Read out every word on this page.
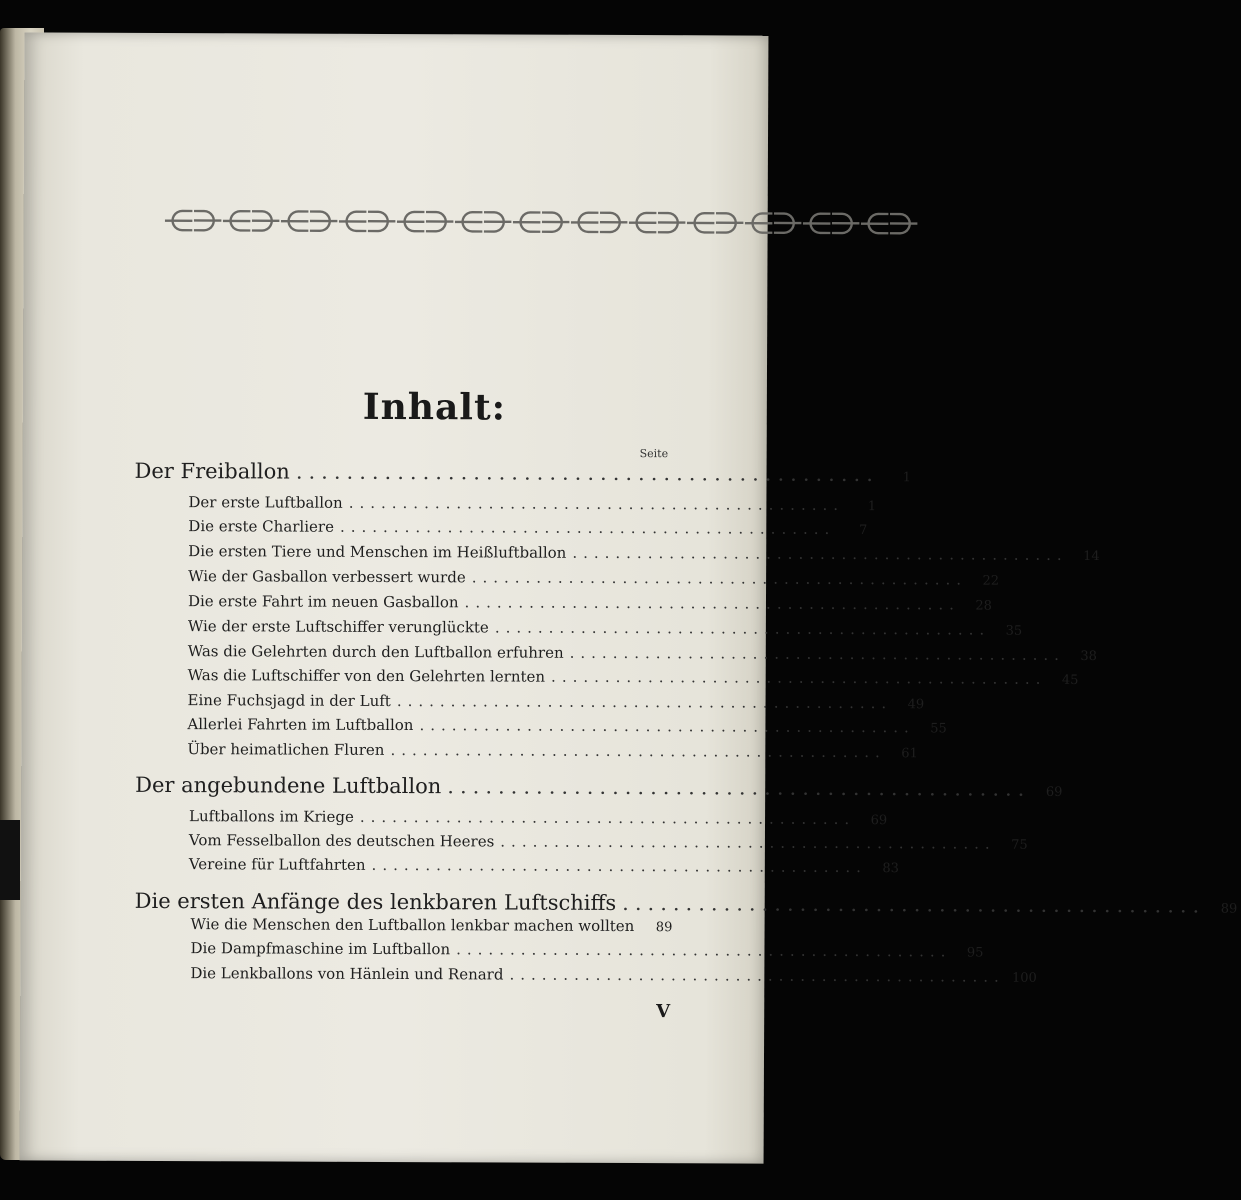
⋲⋺⋲⋺⋲⋺⋲⋺⋲⋺⋲⋺⋲⋺⋲⋺⋲⋺⋲⋺⋲⋺⋲⋺⋲⋺
Inhalt:
Seite
Der Freiballon ..............................................	1
Der erste Luftballon ..............................................	1
Die erste Charliere ..............................................	7
Die ersten Tiere und Menschen im Heißluftballon ..............................................	14
Wie der Gasballon verbessert wurde ..............................................	22
Die erste Fahrt im neuen Gasballon ..............................................	28
Wie der erste Luftschiffer verunglückte ..............................................	35
Was die Gelehrten durch den Luftballon erfuhren ..............................................	38
Was die Luftschiffer von den Gelehrten lernten ..............................................	45
Eine Fuchsjagd in der Luft ..............................................	49
Allerlei Fahrten im Luftballon ..............................................	55
Über heimatlichen Fluren ..............................................	61
Der angebundene Luftballon ..............................................	69
Luftballons im Kriege ..............................................	69
Vom Fesselballon des deutschen Heeres ..............................................	75
Vereine für Luftfahrten ..............................................	83
Die ersten Anfänge des lenkbaren Luftschiffs ..............................................	89
Wie die Menschen den Luftballon lenkbar machen wollten	89
Die Dampfmaschine im Luftballon ..............................................	95
Die Lenkballons von Hänlein und Renard .............................................. 100
V
